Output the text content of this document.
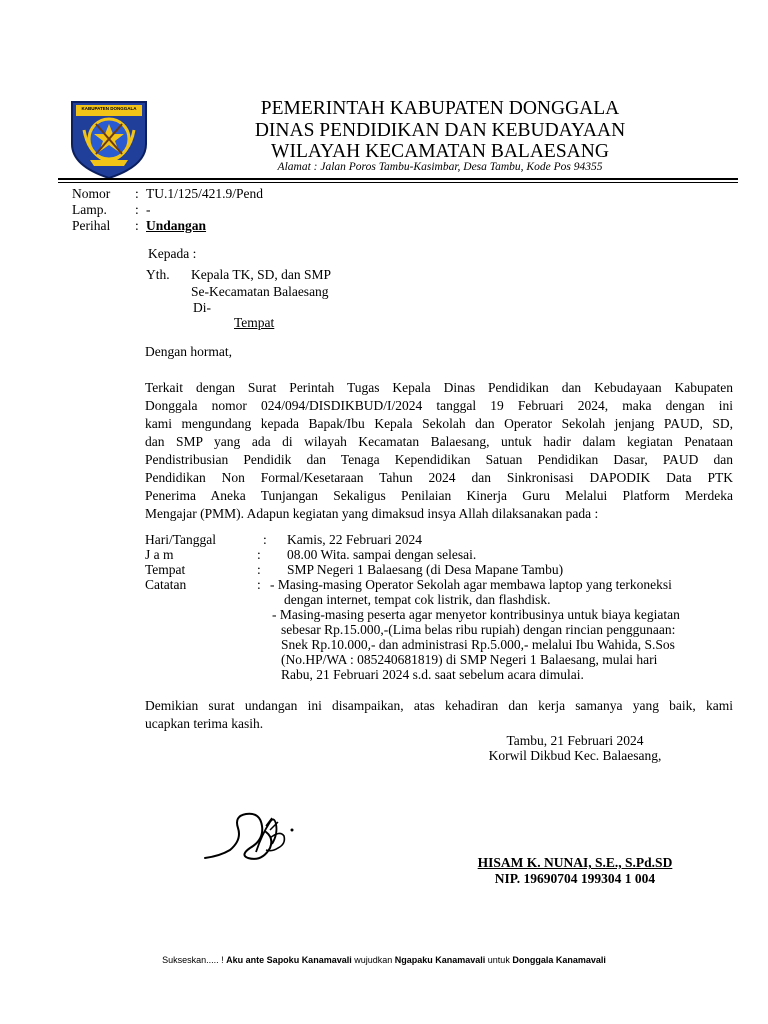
KABUPATEN DONGGALA	PEMERINTAH KABUPATEN DONGGALA
DINAS PENDIDIKAN DAN KEBUDAYAAN
WILAYAH KECAMATAN BALAESANG
Alamat : Jalan Poros Tambu-Kasimbar, Desa Tambu, Kode Pos 94355
Nomor : TU.1/125/421.9/Pend
Lamp. : -
Perihal : Undangan
Kepada :
Yth. Kepala TK, SD, dan SMP
Se-Kecamatan Balaesang
Di-
Tempat
Dengan hormat,
Terkait dengan Surat Perintah Tugas Kepala Dinas Pendidikan dan Kebudayaan Kabupaten
Donggala nomor 024/094/DISDIKBUD/I/2024 tanggal 19 Februari 2024, maka dengan ini
kami mengundang kepada Bapak/Ibu Kepala Sekolah dan Operator Sekolah jenjang PAUD, SD,
dan SMP yang ada di wilayah Kecamatan Balaesang, untuk hadir dalam kegiatan Penataan
Pendistribusian Pendidik dan Tenaga Kependidikan Satuan Pendidikan Dasar, PAUD dan
Pendidikan Non Formal/Kesetaraan Tahun 2024 dan Sinkronisasi DAPODIK Data PTK
Penerima Aneka Tunjangan Sekaligus Penilaian Kinerja Guru Melalui Platform Merdeka
Mengajar (PMM). Adapun kegiatan yang dimaksud insya Allah dilaksanakan pada :
Hari/Tanggal	: Kamis, 22 Februari 2024
J a m	: 08.00 Wita. sampai dengan selesai.
Tempat	: SMP Negeri 1 Balaesang (di Desa Mapane Tambu)
Catatan	: - Masing-masing Operator Sekolah agar membawa laptop yang terkoneksi
dengan internet, tempat cok listrik, dan flashdisk.
- Masing-masing peserta agar menyetor kontribusinya untuk biaya kegiatan
sebesar Rp.15.000,-(Lima belas ribu rupiah) dengan rincian penggunaan:
Snek Rp.10.000,- dan administrasi Rp.5.000,- melalui Ibu Wahida, S.Sos
(No.HP/WA : 085240681819) di SMP Negeri 1 Balaesang, mulai hari
Rabu, 21 Februari 2024 s.d. saat sebelum acara dimulai.
Demikian surat undangan ini disampaikan, atas kehadiran dan kerja samanya yang baik, kami
ucapkan terima kasih.
Tambu, 21 Februari 2024
Korwil Dikbud Kec. Balaesang,
HISAM K. NUNAI, S.E., S.Pd.SD
NIP. 19690704 199304 1 004
Sukseskan..... ! Aku ante Sapoku Kanamavali wujudkan Ngapaku Kanamavali untuk Donggala Kanamavali
